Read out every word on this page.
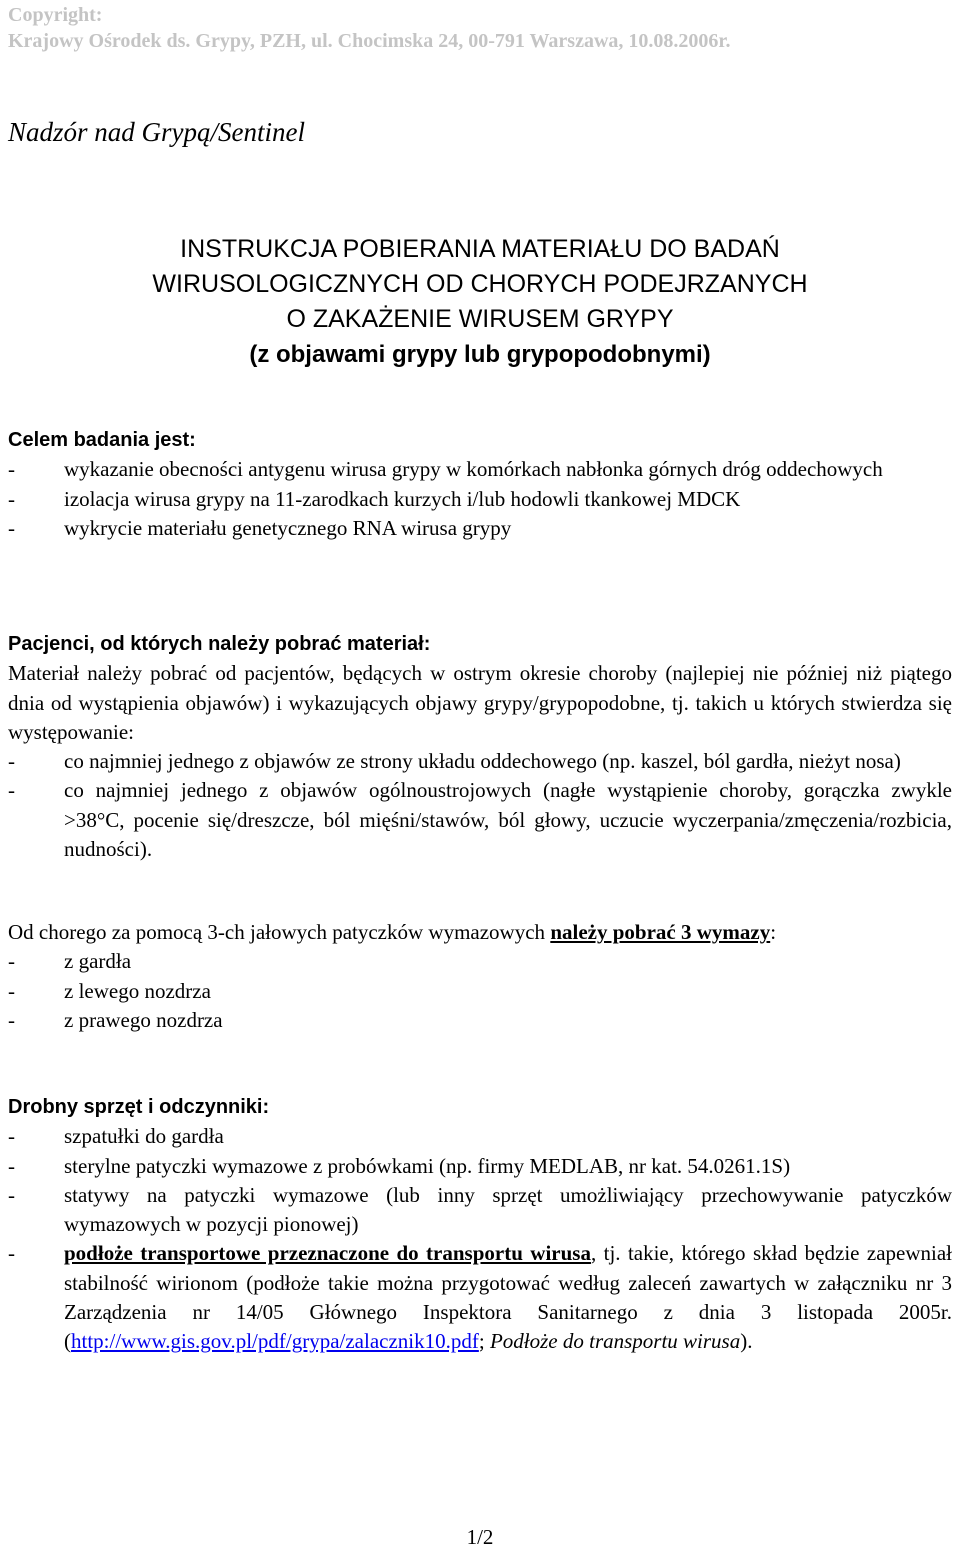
Copyright:
Krajowy Ośrodek ds. Grypy, PZH, ul. Chocimska 24, 00-791 Warszawa, 10.08.2006r.
Nadzór nad Grypą/Sentinel
INSTRUKCJA POBIERANIA MATERIAŁU DO BADAŃ
WIRUSOLOGICZNYCH OD CHORYCH PODEJRZANYCH
O ZAKAŻENIE WIRUSEM GRYPY
(z objawami grypy lub grypopodobnymi)
Celem badania jest:
- wykazanie obecności antygenu wirusa grypy w komórkach nabłonka górnych dróg oddechowych
- izolacja wirusa grypy na 11-zarodkach kurzych i/lub hodowli tkankowej MDCK
- wykrycie materiału genetycznego RNA wirusa grypy
Pacjenci, od których należy pobrać materiał:
Materiał należy pobrać od pacjentów, będących w ostrym okresie choroby (najlepiej nie później niż piątego dnia od wystąpienia objawów) i wykazujących objawy grypy/grypopodobne, tj. takich u których stwierdza się występowanie:
- co najmniej jednego z objawów ze strony układu oddechowego (np. kaszel, ból gardła, nieżyt nosa)
- co najmniej jednego z objawów ogólnoustrojowych (nagłe wystąpienie choroby, gorączka zwykle >38°C, pocenie się/dreszcze, ból mięśni/stawów, ból głowy, uczucie wyczerpania/zmęczenia/rozbicia, nudności).
Od chorego za pomocą 3-ch jałowych patyczków wymazowych należy pobrać 3 wymazy:
- z gardła
- z lewego nozdrza
- z prawego nozdrza
Drobny sprzęt i odczynniki:
- szpatułki do gardła
- sterylne patyczki wymazowe z probówkami (np. firmy MEDLAB, nr kat. 54.0261.1S)
- statywy na patyczki wymazowe (lub inny sprzęt umożliwiający przechowywanie patyczków wymazowych w pozycji pionowej)
- podłoże transportowe przeznaczone do transportu wirusa, tj. takie, którego skład będzie zapewniał stabilność wirionom (podłoże takie można przygotować według zaleceń zawartych w załączniku nr 3 Zarządzenia nr 14/05 Głównego Inspektora Sanitarnego z dnia 3 listopada 2005r. (http://www.gis.gov.pl/pdf/grypa/zalacznik10.pdf; Podłoże do transportu wirusa).
1/2
